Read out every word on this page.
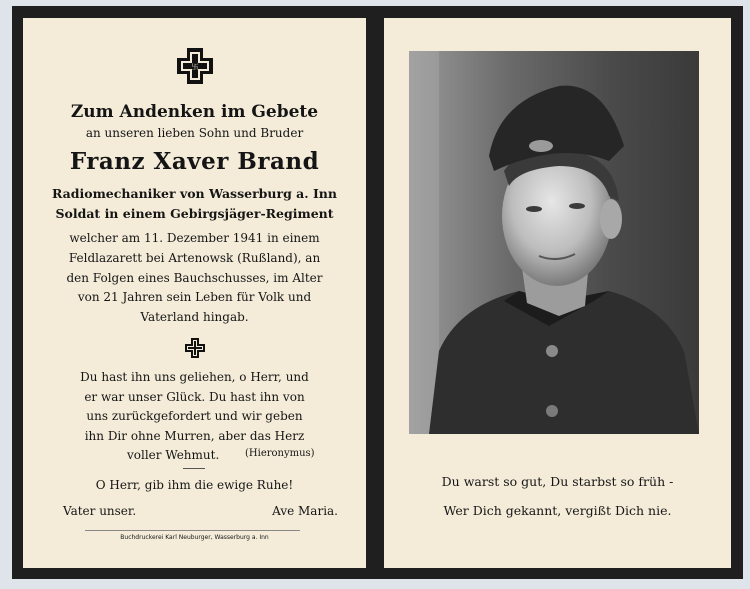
卐
Zum Andenken im Gebete
an unseren lieben Sohn und Bruder
Franz Xaver Brand
Radiomechaniker von Wasserburg a. Inn
Soldat in einem Gebirgsjäger-Regiment
welcher am 11. Dezember 1941 in einem
Feldlazarett bei Artenowsk (Rußland), an
den Folgen eines Bauchschusses, im Alter
von 21 Jahren sein Leben für Volk und
Vaterland hingab.
Du hast ihn uns geliehen, o Herr, und
er war unser Glück. Du hast ihn von
uns zurückgefordert und wir geben
ihn Dir ohne Murren, aber das Herz
voller Wehmut.	(Hieronymus)
O Herr, gib ihm die ewige Ruhe!
Vater unser.	Ave Maria.
Buchdruckerei Karl Neuburger, Wasserburg a. Inn
Du warst so gut, Du starbst so früh -
Wer Dich gekannt, vergißt Dich nie.
